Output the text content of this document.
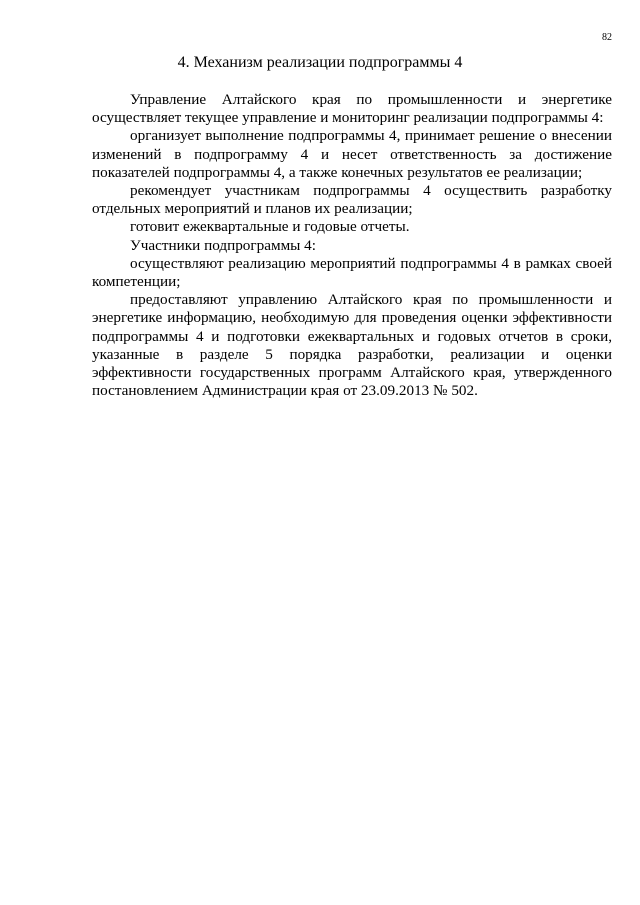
82
4. Механизм реализации подпрограммы 4

Управление Алтайского края по промышленности и энергетике осуществляет текущее управление и мониторинг реализации подпрограммы 4:

организует выполнение подпрограммы 4, принимает решение о внесении изменений в подпрограмму 4 и несет ответственность за достижение показателей подпрограммы 4, а также конечных результатов ее реализации;

рекомендует участникам подпрограммы 4 осуществить разработку отдельных мероприятий и планов их реализации;

готовит ежеквартальные и годовые отчеты.

Участники подпрограммы 4:

осуществляют реализацию мероприятий подпрограммы 4 в рамках своей компетенции;

предоставляют управлению Алтайского края по промышленности и энергетике информацию, необходимую для проведения оценки эффективности подпрограммы 4 и подготовки ежеквартальных и годовых отчетов в сроки, указанные в разделе 5 порядка разработки, реализации и оценки эффективности государственных программ Алтайского края, утвержденного постановлением Администрации края от 23.09.2013 № 502.
